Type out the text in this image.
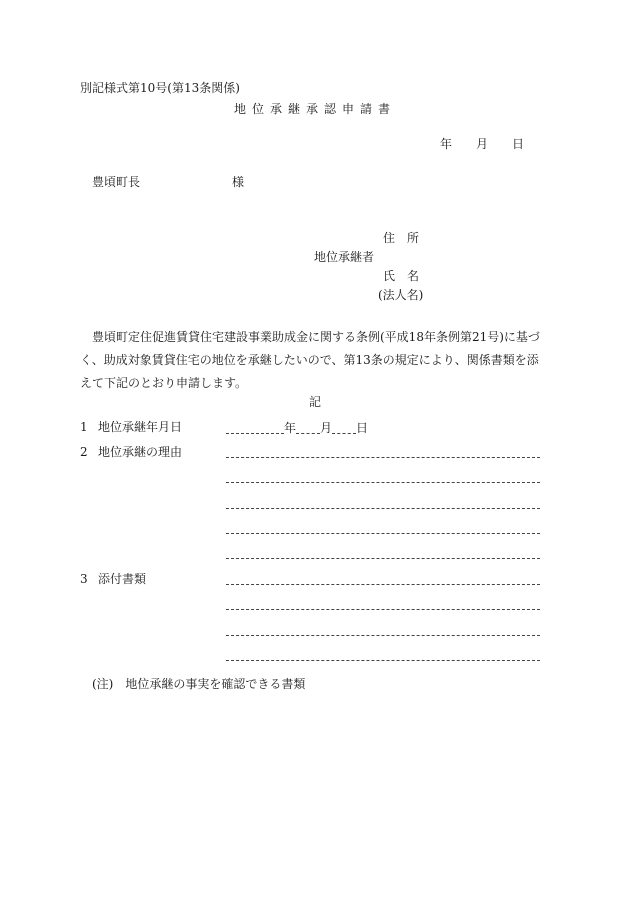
別記様式第10号(第13条関係)
地位承継承認申請書
年 月 日
豊頃町長	様
住　所
地位承継者
氏　名
(法人名)
豊頃町定住促進賃貸住宅建設事業助成金に関する条例(平成18年条例第21号)に基づく、助成対象賃貸住宅の地位を承継したいので、第13条の規定により、関係書類を添えて下記のとおり申請します。
記
1 地位承継年月日	年 月 日
2 地位承継の理由
3 添付書類
(注)　地位承継の事実を確認できる書類
